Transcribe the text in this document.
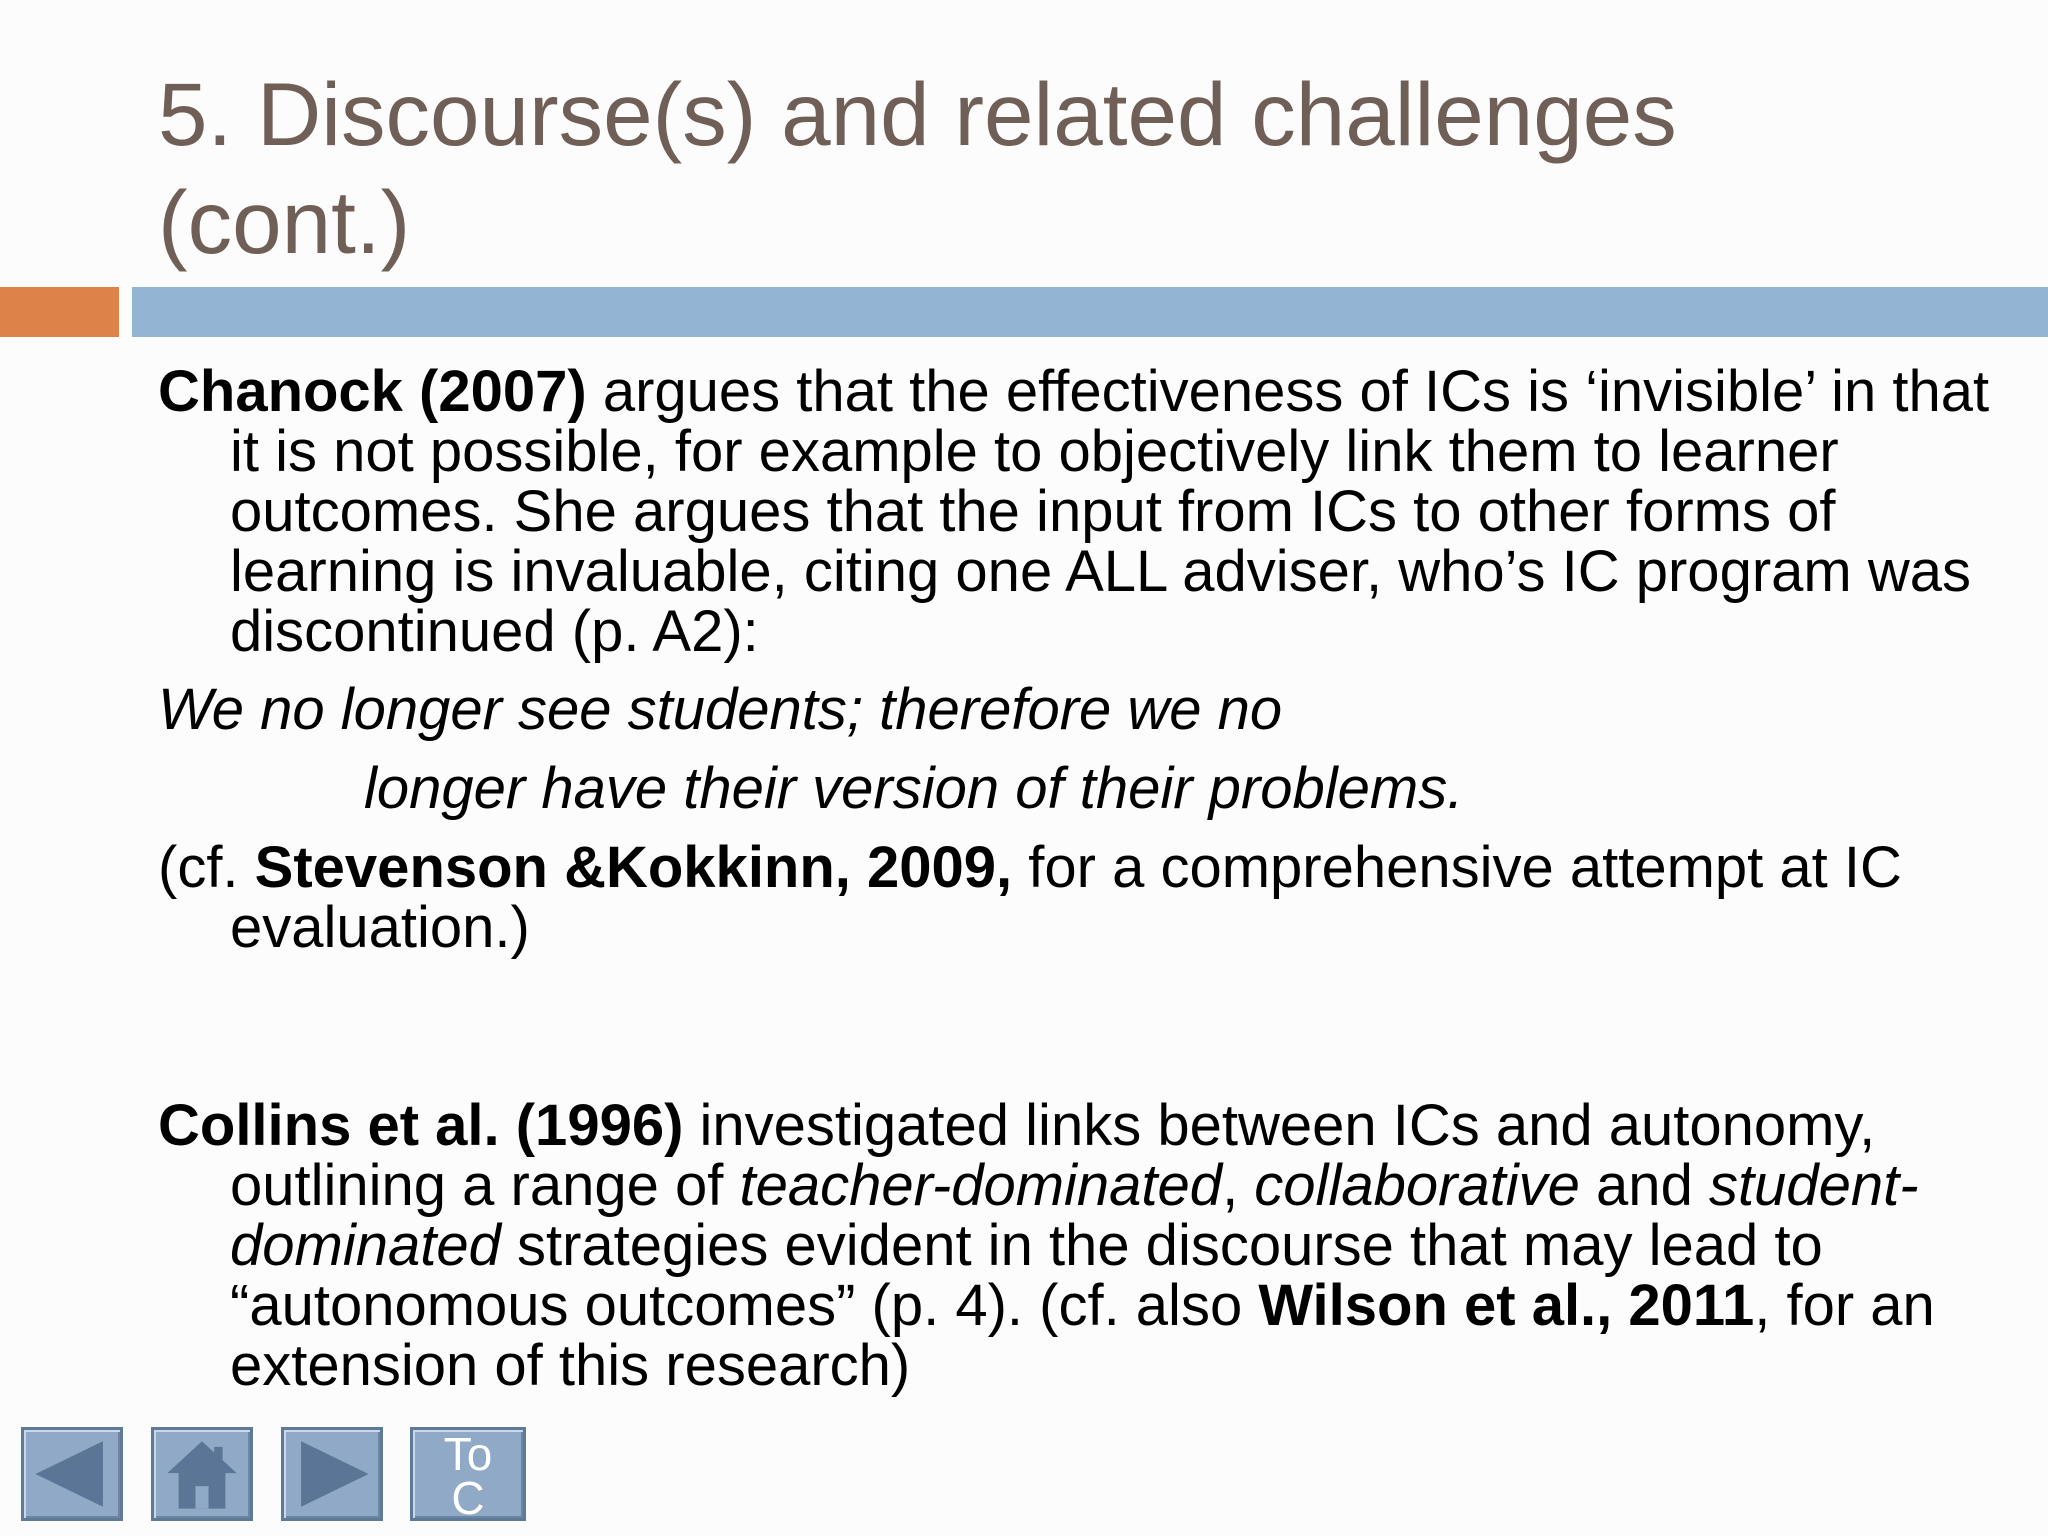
5. Discourse(s) and related challenges
(cont.)

Chanock (2007) argues that the effectiveness of ICs is ‘invisible’ in that it is not possible, for example to objectively link them to learner outcomes. She argues that the input from ICs to other forms of learning is invaluable, citing one ALL adviser, who’s IC program was discontinued (p. A2):

We no longer see students; therefore we no

longer have their version of their problems.

(cf. Stevenson &Kokkinn, 2009, for a comprehensive attempt at IC evaluation.)

Collins et al. (1996) investigated links between ICs and autonomy, outlining a range of teacher-dominated, collaborative and student-dominated strategies evident in the discourse that may lead to “autonomous outcomes” (p. 4). (cf. also Wilson et al., 2011, for an extension of this research)

To
C
